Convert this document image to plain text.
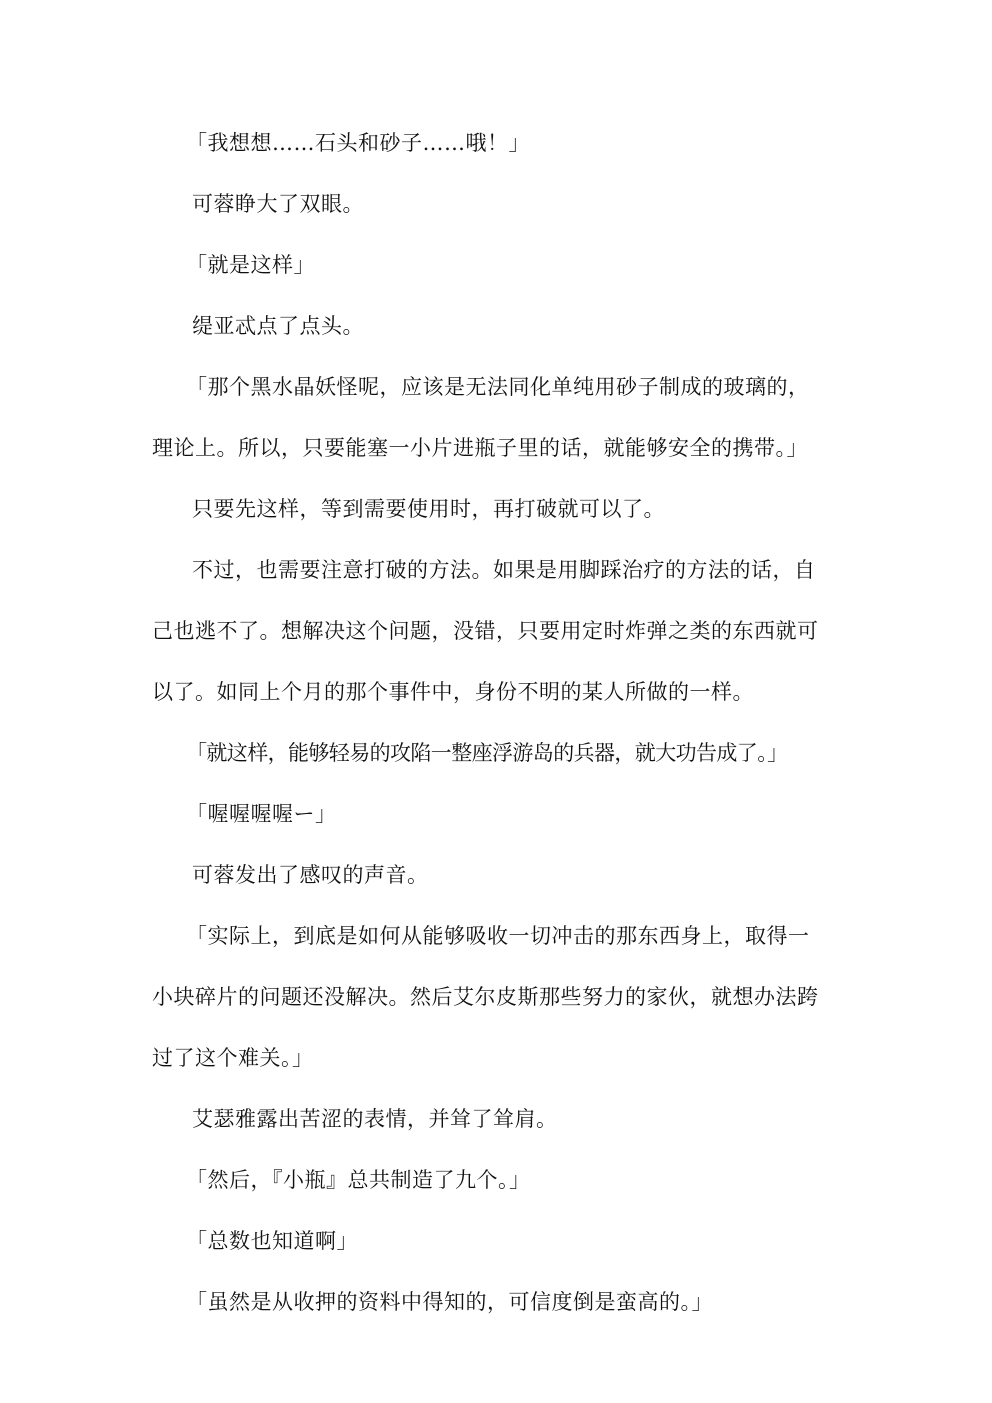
「我想想……石头和砂子……哦！」
可蓉睁大了双眼。
「就是这样」
缇亚忒点了点头。
「那个黑水晶妖怪呢，应该是无法同化单纯用砂子制成的玻璃的，
理论上。所以，只要能塞一小片进瓶子里的话，就能够安全的携带。」
只要先这样，等到需要使用时，再打破就可以了。
不过，也需要注意打破的方法。如果是用脚踩治疗的方法的话，自
己也逃不了。想解决这个问题，没错，只要用定时炸弹之类的东西就可
以了。如同上个月的那个事件中，身份不明的某人所做的一样。
「就这样，能够轻易的攻陷一整座浮游岛的兵器，就大功告成了。」
「喔喔喔喔ー」
可蓉发出了感叹的声音。
「实际上，到底是如何从能够吸收一切冲击的那东西身上，取得一
小块碎片的问题还没解决。然后艾尔皮斯那些努力的家伙，就想办法跨
过了这个难关。」
艾瑟雅露出苦涩的表情，并耸了耸肩。
「然后，『小瓶』总共制造了九个。」
「总数也知道啊」
「虽然是从收押的资料中得知的，可信度倒是蛮高的。」
